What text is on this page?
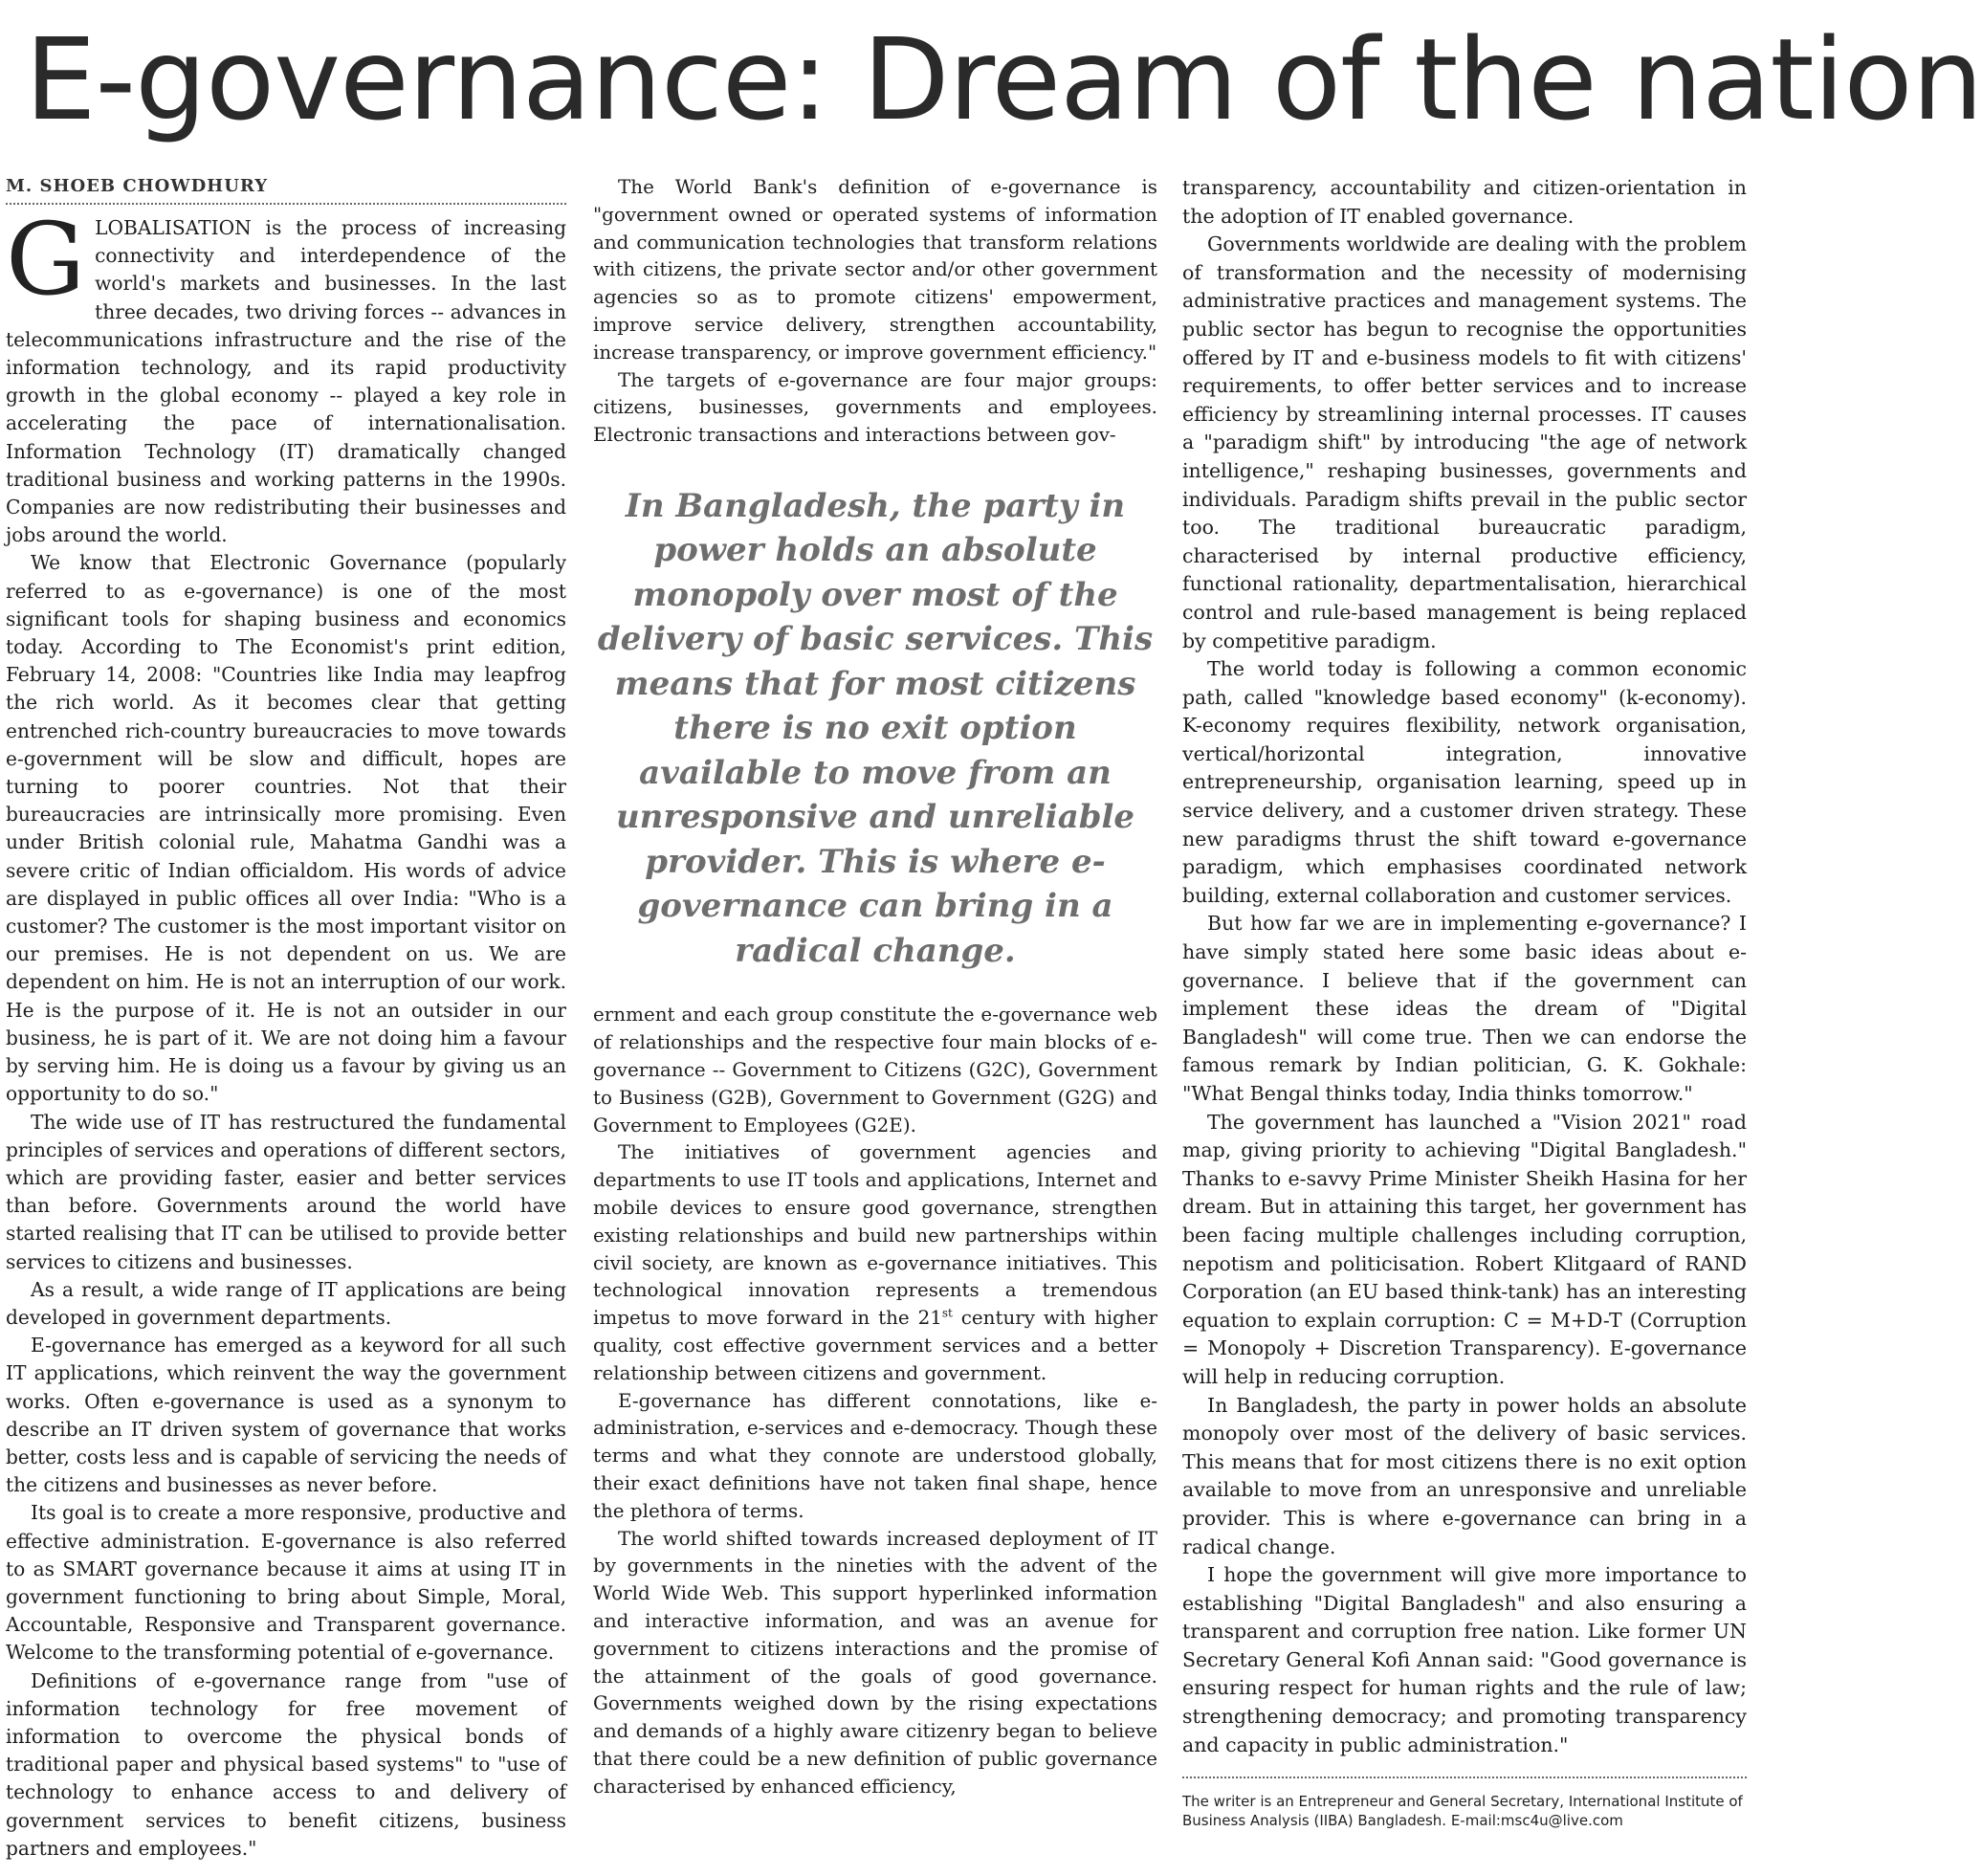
E-governance: Dream of the nation
M. SHOEB CHOWDHURY

GLOBALISATION is the process of increasing connectivity and interdependence of the world's markets and businesses. In the last three decades, two driving forces -- advances in telecommunications infrastructure and the rise of the information technology, and its rapid productivity growth in the global economy -- played a key role in accelerating the pace of internationalisation. Information Technology (IT) dramatically changed traditional business and working patterns in the 1990s. Companies are now redistributing their businesses and jobs around the world.

We know that Electronic Governance (popularly referred to as e-governance) is one of the most significant tools for shaping business and economics today. According to The Economist's print edition, February 14, 2008: "Countries like India may leapfrog the rich world. As it becomes clear that getting entrenched rich-country bureaucracies to move towards e-government will be slow and difficult, hopes are turning to poorer countries. Not that their bureaucracies are intrinsically more promising. Even under British colonial rule, Mahatma Gandhi was a severe critic of Indian officialdom. His words of advice are displayed in public offices all over India: "Who is a customer? The customer is the most important visitor on our premises. He is not dependent on us. We are dependent on him. He is not an interruption of our work. He is the purpose of it. He is not an outsider in our business, he is part of it. We are not doing him a favour by serving him. He is doing us a favour by giving us an opportunity to do so."

The wide use of IT has restructured the fundamental principles of services and operations of different sectors, which are providing faster, easier and better services than before. Governments around the world have started realising that IT can be utilised to provide better services to citizens and businesses.

As a result, a wide range of IT applications are being developed in government departments.

E-governance has emerged as a keyword for all such IT applications, which reinvent the way the government works. Often e-governance is used as a synonym to describe an IT driven system of governance that works better, costs less and is capable of servicing the needs of the citizens and businesses as never before.

Its goal is to create a more responsive, productive and effective administration. E-governance is also referred to as SMART governance because it aims at using IT in government functioning to bring about Simple, Moral, Accountable, Responsive and Transparent governance. Welcome to the transforming potential of e-governance.

Definitions of e-governance range from "use of information technology for free movement of information to overcome the physical bonds of traditional paper and physical based systems" to "use of technology to enhance access to and delivery of government services to benefit citizens, business partners and employees."

The World Bank's definition of e-governance is "government owned or operated systems of information and communication technologies that transform relations with citizens, the private sector and/or other government agencies so as to promote citizens' empowerment, improve service delivery, strengthen accountability, increase transparency, or improve government efficiency."

The targets of e-governance are four major groups: citizens, businesses, governments and employees. Electronic transactions and interactions between gov-

In Bangladesh, the party in power holds an absolute monopoly over most of the delivery of basic services. This means that for most citizens there is no exit option available to move from an unresponsive and unreliable provider. This is where e-governance can bring in a radical change.

ernment and each group constitute the e-governance web of relationships and the respective four main blocks of e-governance -- Government to Citizens (G2C), Government to Business (G2B), Government to Government (G2G) and Government to Employees (G2E).

The initiatives of government agencies and departments to use IT tools and applications, Internet and mobile devices to ensure good governance, strengthen existing relationships and build new partnerships within civil society, are known as e-governance initiatives. This technological innovation represents a tremendous impetus to move forward in the 21st century with higher quality, cost effective government services and a better relationship between citizens and government.

E-governance has different connotations, like e-administration, e-services and e-democracy. Though these terms and what they connote are understood globally, their exact definitions have not taken final shape, hence the plethora of terms.

The world shifted towards increased deployment of IT by governments in the nineties with the advent of the World Wide Web. This support hyperlinked information and interactive information, and was an avenue for government to citizens interactions and the promise of the attainment of the goals of good governance. Governments weighed down by the rising expectations and demands of a highly aware citizenry began to believe that there could be a new definition of public governance characterised by enhanced efficiency,

transparency, accountability and citizen-orientation in the adoption of IT enabled governance.

Governments worldwide are dealing with the problem of transformation and the necessity of modernising administrative practices and management systems. The public sector has begun to recognise the opportunities offered by IT and e-business models to fit with citizens' requirements, to offer better services and to increase efficiency by streamlining internal processes. IT causes a "paradigm shift" by introducing "the age of network intelligence," reshaping businesses, governments and individuals. Paradigm shifts prevail in the public sector too. The traditional bureaucratic paradigm, characterised by internal productive efficiency, functional rationality, departmentalisation, hierarchical control and rule-based management is being replaced by competitive paradigm.

The world today is following a common economic path, called "knowledge based economy" (k-economy). K-economy requires flexibility, network organisation, vertical/horizontal integration, innovative entrepreneurship, organisation learning, speed up in service delivery, and a customer driven strategy. These new paradigms thrust the shift toward e-governance paradigm, which emphasises coordinated network building, external collaboration and customer services.

But how far we are in implementing e-governance? I have simply stated here some basic ideas about e-governance. I believe that if the government can implement these ideas the dream of "Digital Bangladesh" will come true. Then we can endorse the famous remark by Indian politician, G. K. Gokhale: "What Bengal thinks today, India thinks tomorrow."

The government has launched a "Vision 2021" road map, giving priority to achieving "Digital Bangladesh." Thanks to e-savvy Prime Minister Sheikh Hasina for her dream. But in attaining this target, her government has been facing multiple challenges including corruption, nepotism and politicisation. Robert Klitgaard of RAND Corporation (an EU based think-tank) has an interesting equation to explain corruption: C = M+D-T (Corruption = Monopoly + Discretion Transparency). E-governance will help in reducing corruption.

In Bangladesh, the party in power holds an absolute monopoly over most of the delivery of basic services. This means that for most citizens there is no exit option available to move from an unresponsive and unreliable provider. This is where e-governance can bring in a radical change.

I hope the government will give more importance to establishing "Digital Bangladesh" and also ensuring a transparent and corruption free nation. Like former UN Secretary General Kofi Annan said: "Good governance is ensuring respect for human rights and the rule of law; strengthening democracy; and promoting transparency and capacity in public administration."

The writer is an Entrepreneur and General Secretary, International Institute of Business Analysis (IIBA) Bangladesh. E-mail:msc4u@live.com
